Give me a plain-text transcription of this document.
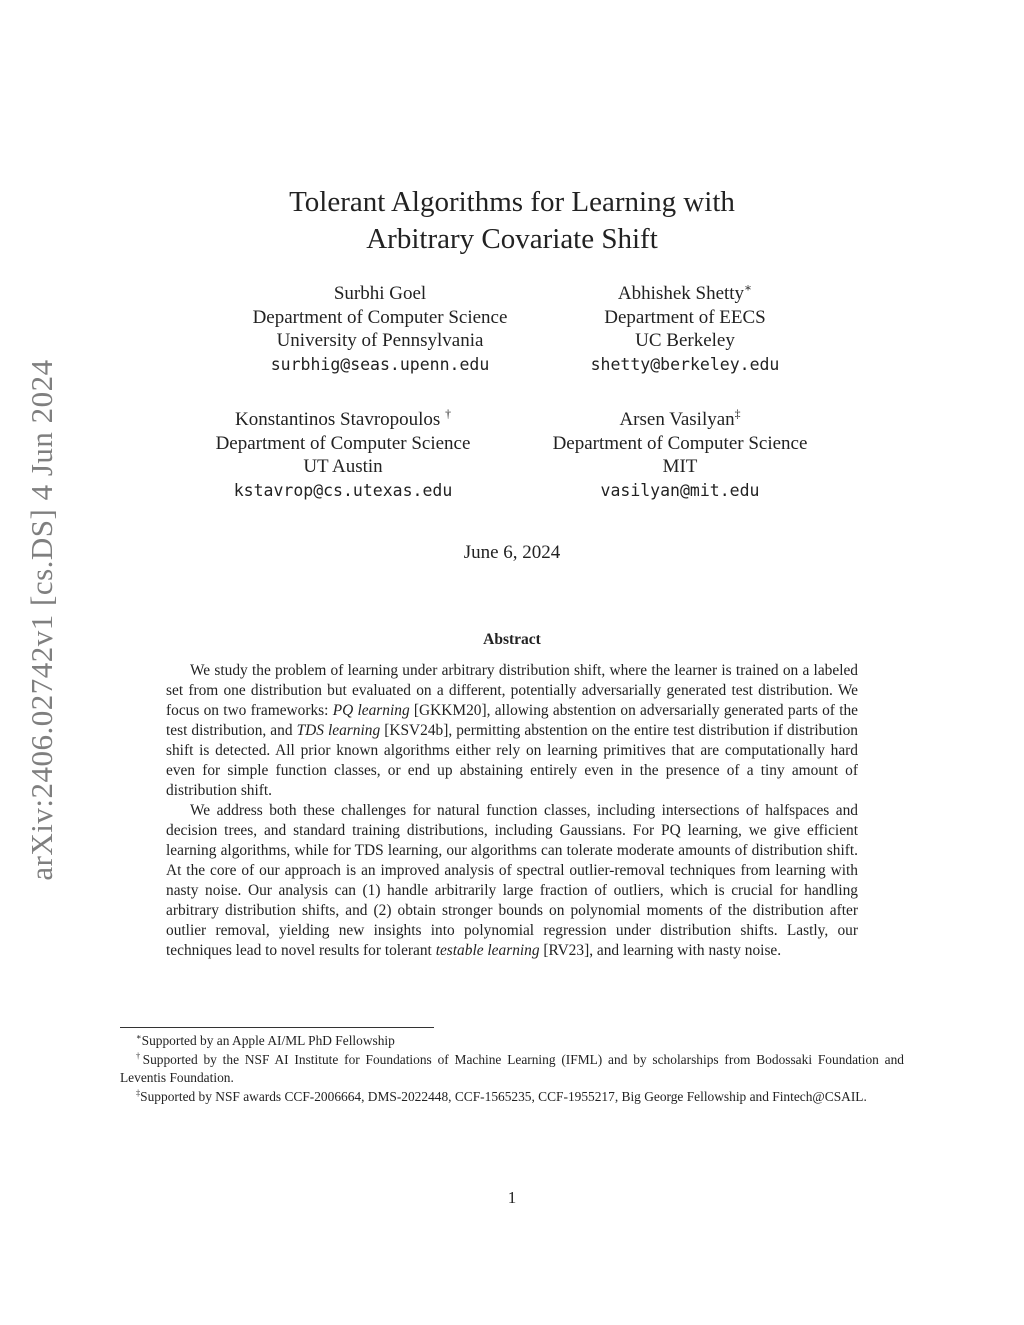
arXiv:2406.02742v1 [cs.DS] 4 Jun 2024
Tolerant Algorithms for Learning with
Arbitrary Covariate Shift
Surbhi Goel
Department of Computer Science
University of Pennsylvania
surbhig@seas.upenn.edu
Abhishek Shetty∗
Department of EECS
UC Berkeley
shetty@berkeley.edu
Konstantinos Stavropoulos †
Department of Computer Science
UT Austin
kstavrop@cs.utexas.edu
Arsen Vasilyan‡
Department of Computer Science
MIT
vasilyan@mit.edu
June 6, 2024
Abstract

We study the problem of learning under arbitrary distribution shift, where the learner is trained on a labeled set from one distribution but evaluated on a different, potentially adversarially generated test distribution. We focus on two frameworks: PQ learning [GKKM20], allowing abstention on adversarially generated parts of the test distribution, and TDS learning [KSV24b], permitting abstention on the entire test distribution if distribution shift is detected. All prior known algorithms either rely on learning primitives that are computationally hard even for simple function classes, or end up abstaining entirely even in the presence of a tiny amount of distribution shift.

We address both these challenges for natural function classes, including intersections of halfspaces and decision trees, and standard training distributions, including Gaussians. For PQ learning, we give efficient learning algorithms, while for TDS learning, our algorithms can tolerate moderate amounts of distribution shift. At the core of our approach is an improved analysis of spectral outlier-removal techniques from learning with nasty noise. Our analysis can (1) handle arbitrarily large fraction of outliers, which is crucial for handling arbitrary distribution shifts, and (2) obtain stronger bounds on polynomial moments of the distribution after outlier removal, yielding new insights into polynomial regression under distribution shifts. Lastly, our techniques lead to novel results for tolerant testable learning [RV23], and learning with nasty noise.

∗Supported by an Apple AI/ML PhD Fellowship

†Supported by the NSF AI Institute for Foundations of Machine Learning (IFML) and by scholarships from Bodossaki Foundation and Leventis Foundation.

‡Supported by NSF awards CCF-2006664, DMS-2022448, CCF-1565235, CCF-1955217, Big George Fellowship and Fintech@CSAIL.

1
